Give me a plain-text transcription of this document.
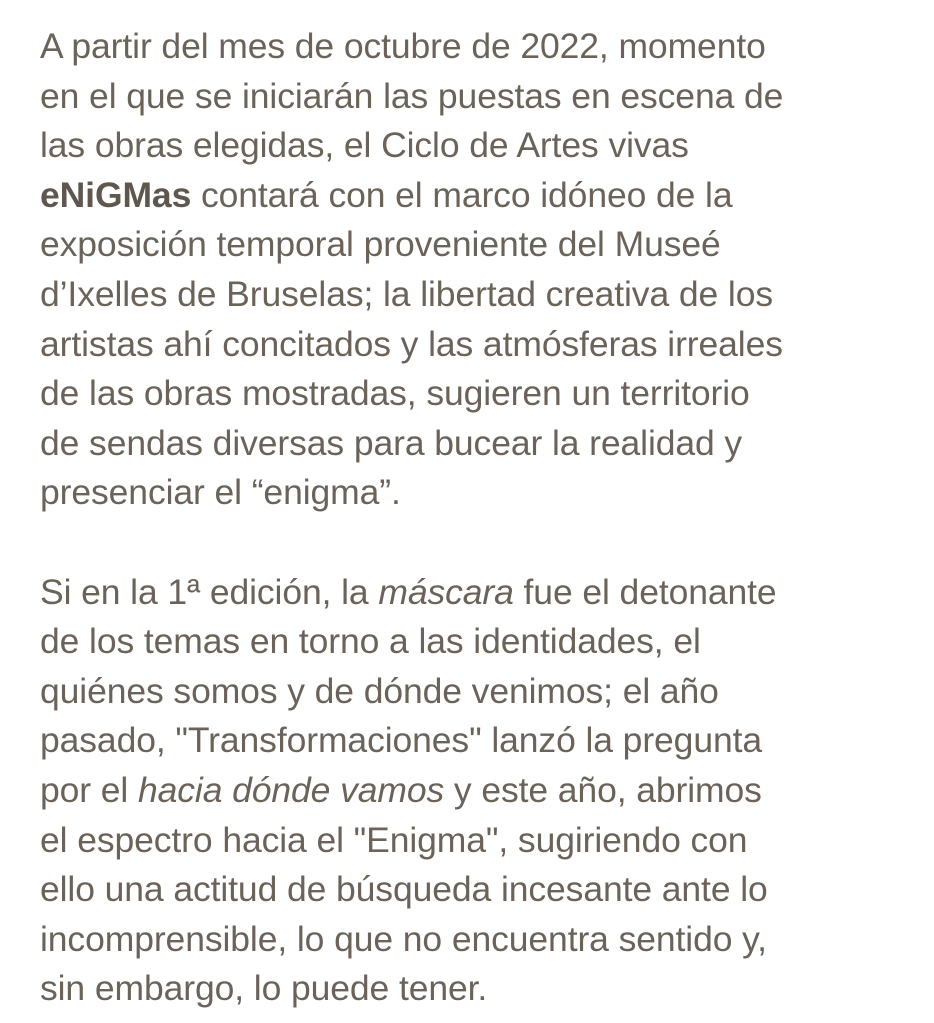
A partir del mes de octubre de 2022, momento
en el que se iniciarán las puestas en escena de
las obras elegidas, el Ciclo de Artes vivas
eNiGMas contará con el marco idóneo de la
exposición temporal proveniente del Museé
d’Ixelles de Bruselas; la libertad creativa de los
artistas ahí concitados y las atmósferas irreales
de las obras mostradas, sugieren un territorio
de sendas diversas para bucear la realidad y
presenciar el “enigma”.

Si en la 1ª edición, la máscara fue el detonante
de los temas en torno a las identidades, el
quiénes somos y de dónde venimos; el año
pasado, "Transformaciones" lanzó la pregunta
por el hacia dónde vamos y este año, abrimos
el espectro hacia el "Enigma", sugiriendo con
ello una actitud de búsqueda incesante ante lo
incomprensible, lo que no encuentra sentido y,
sin embargo, lo puede tener.
